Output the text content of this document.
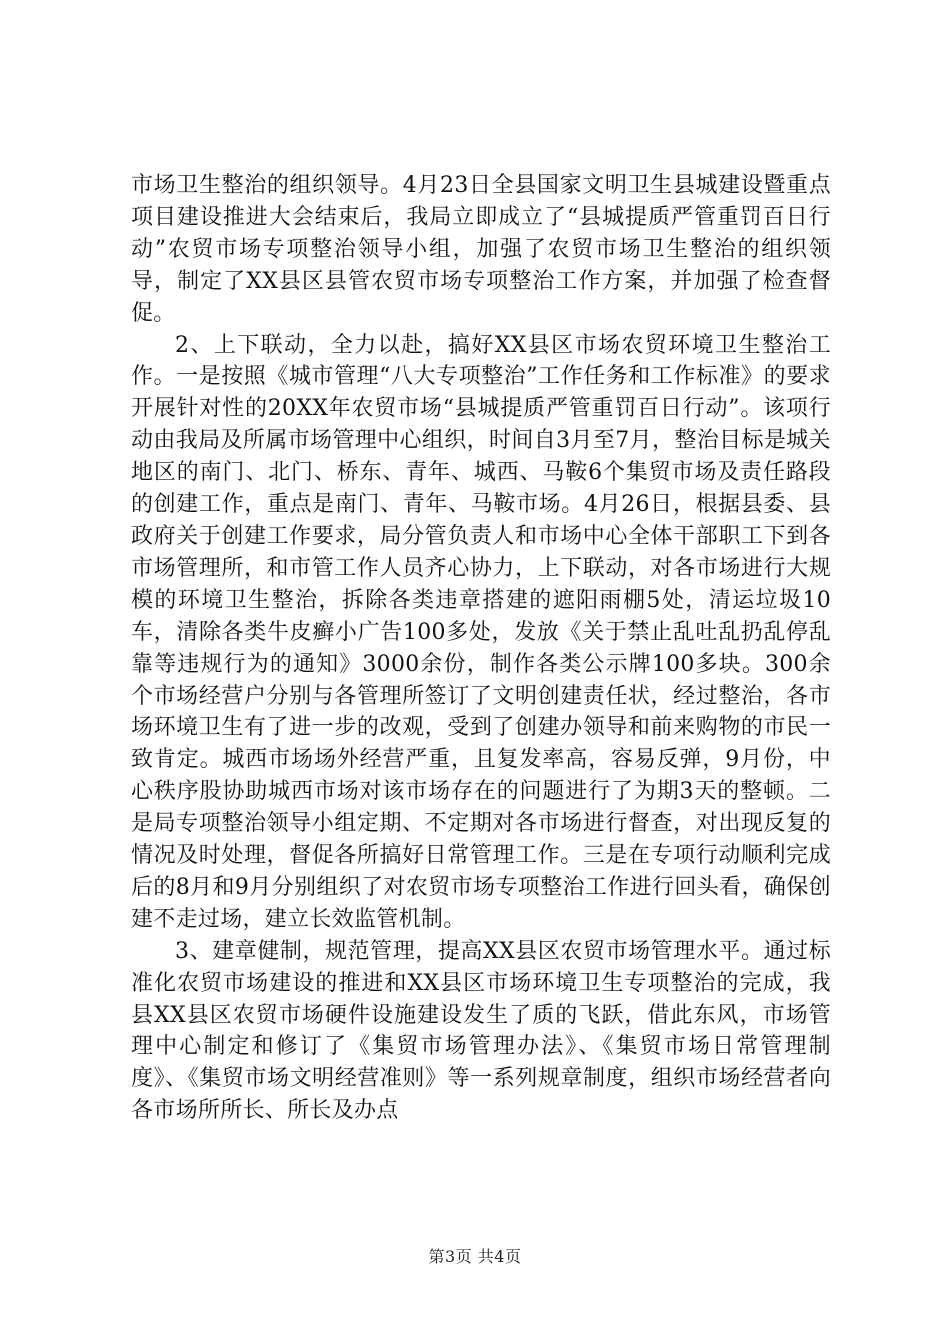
市场卫生整治的组织领导。4月23日全县国家文明卫生县城建设暨重点项目建设推进大会结束后，我局立即成立了“县城提质严管重罚百日行动”农贸市场专项整治领导小组，加强了农贸市场卫生整治的组织领导，制定了XX县区县管农贸市场专项整治工作方案，并加强了检查督促。

2、上下联动，全力以赴，搞好XX县区市场农贸环境卫生整治工作。一是按照《城市管理“八大专项整治”工作任务和工作标准》的要求开展针对性的20XX年农贸市场“县城提质严管重罚百日行动”。该项行动由我局及所属市场管理中心组织，时间自3月至7月，整治目标是城关地区的南门、北门、桥东、青年、城西、马鞍6个集贸市场及责任路段的创建工作，重点是南门、青年、马鞍市场。4月26日，根据县委、县政府关于创建工作要求，局分管负责人和市场中心全体干部职工下到各市场管理所，和市管工作人员齐心协力，上下联动，对各市场进行大规模的环境卫生整治，拆除各类违章搭建的遮阳雨棚5处，清运垃圾10车，清除各类牛皮癣小广告100多处，发放《关于禁止乱吐乱扔乱停乱靠等违规行为的通知》3000余份，制作各类公示牌100多块。300余个市场经营户分别与各管理所签订了文明创建责任状，经过整治，各市场环境卫生有了进一步的改观，受到了创建办领导和前来购物的市民一致肯定。城西市场场外经营严重，且复发率高，容易反弹，9月份，中心秩序股协助城西市场对该市场存在的问题进行了为期3天的整顿。二是局专项整治领导小组定期、不定期对各市场进行督查，对出现反复的情况及时处理，督促各所搞好日常管理工作。三是在专项行动顺利完成后的8月和9月分别组织了对农贸市场专项整治工作进行回头看，确保创建不走过场，建立长效监管机制。

3、建章健制，规范管理，提高XX县区农贸市场管理水平。通过标准化农贸市场建设的推进和XX县区市场环境卫生专项整治的完成，我县XX县区农贸市场硬件设施建设发生了质的飞跃，借此东风，市场管理中心制定和修订了《集贸市场管理办法》、《集贸市场日常管理制度》、《集贸市场文明经营准则》等一系列规章制度，组织市场经营者向各市场所所长、所长及办点

第3页 共4页
